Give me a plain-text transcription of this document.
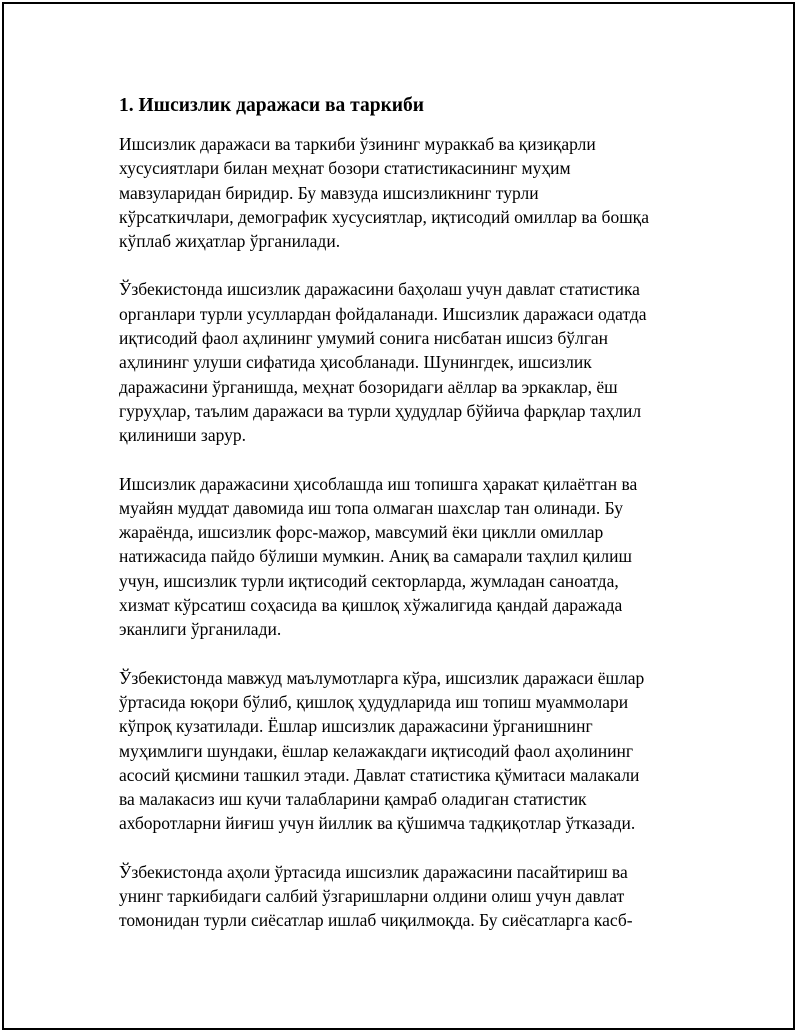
1. Ишсизлик даражаси ва таркиби

Ишсизлик даражаси ва таркиби ўзининг мураккаб ва қизиқарли
хусусиятлари билан меҳнат бозори статистикасининг муҳим
мавзуларидан биридир. Бу мавзуда ишсизликнинг турли
кўрсаткичлари, демографик хусусиятлар, иқтисодий омиллар ва бошқа
кўплаб жиҳатлар ўрганилади.

Ўзбекистонда ишсизлик даражасини баҳолаш учун давлат статистика
органлари турли усуллардан фойдаланади. Ишсизлик даражаси одатда
иқтисодий фаол аҳлининг умумий сонига нисбатан ишсиз бўлган
аҳлининг улуши сифатида ҳисобланади. Шунингдек, ишсизлик
даражасини ўрганишда, меҳнат бозоридаги аёллар ва эркаклар, ёш
гуруҳлар, таълим даражаси ва турли ҳудудлар бўйича фарқлар таҳлил
қилиниши зарур.

Ишсизлик даражасини ҳисоблашда иш топишга ҳаракат қилаётган ва
муайян муддат давомида иш топа олмаган шахслар тан олинади. Бу
жараёнда, ишсизлик форс-мажор, мавсумий ёки циклли омиллар
натижасида пайдо бўлиши мумкин. Аниқ ва самарали таҳлил қилиш
учун, ишсизлик турли иқтисодий секторларда, жумладан саноатда,
хизмат кўрсатиш соҳасида ва қишлоқ хўжалигида қандай даражада
эканлиги ўрганилади.

Ўзбекистонда мавжуд маълумотларга кўра, ишсизлик даражаси ёшлар
ўртасида юқори бўлиб, қишлоқ ҳудудларида иш топиш муаммолари
кўпроқ кузатилади. Ёшлар ишсизлик даражасини ўрганишнинг
муҳимлиги шундаки, ёшлар келажакдаги иқтисодий фаол аҳолининг
асосий қисмини ташкил этади. Давлат статистика қўмитаси малакали
ва малакасиз иш кучи талабларини қамраб оладиган статистик
ахборотларни йиғиш учун йиллик ва қўшимча тадқиқотлар ўтказади.

Ўзбекистонда аҳоли ўртасида ишсизлик даражасини пасайтириш ва
унинг таркибидаги салбий ўзгаришларни олдини олиш учун давлат
томонидан турли сиёсатлар ишлаб чиқилмоқда. Бу сиёсатларга касб-
